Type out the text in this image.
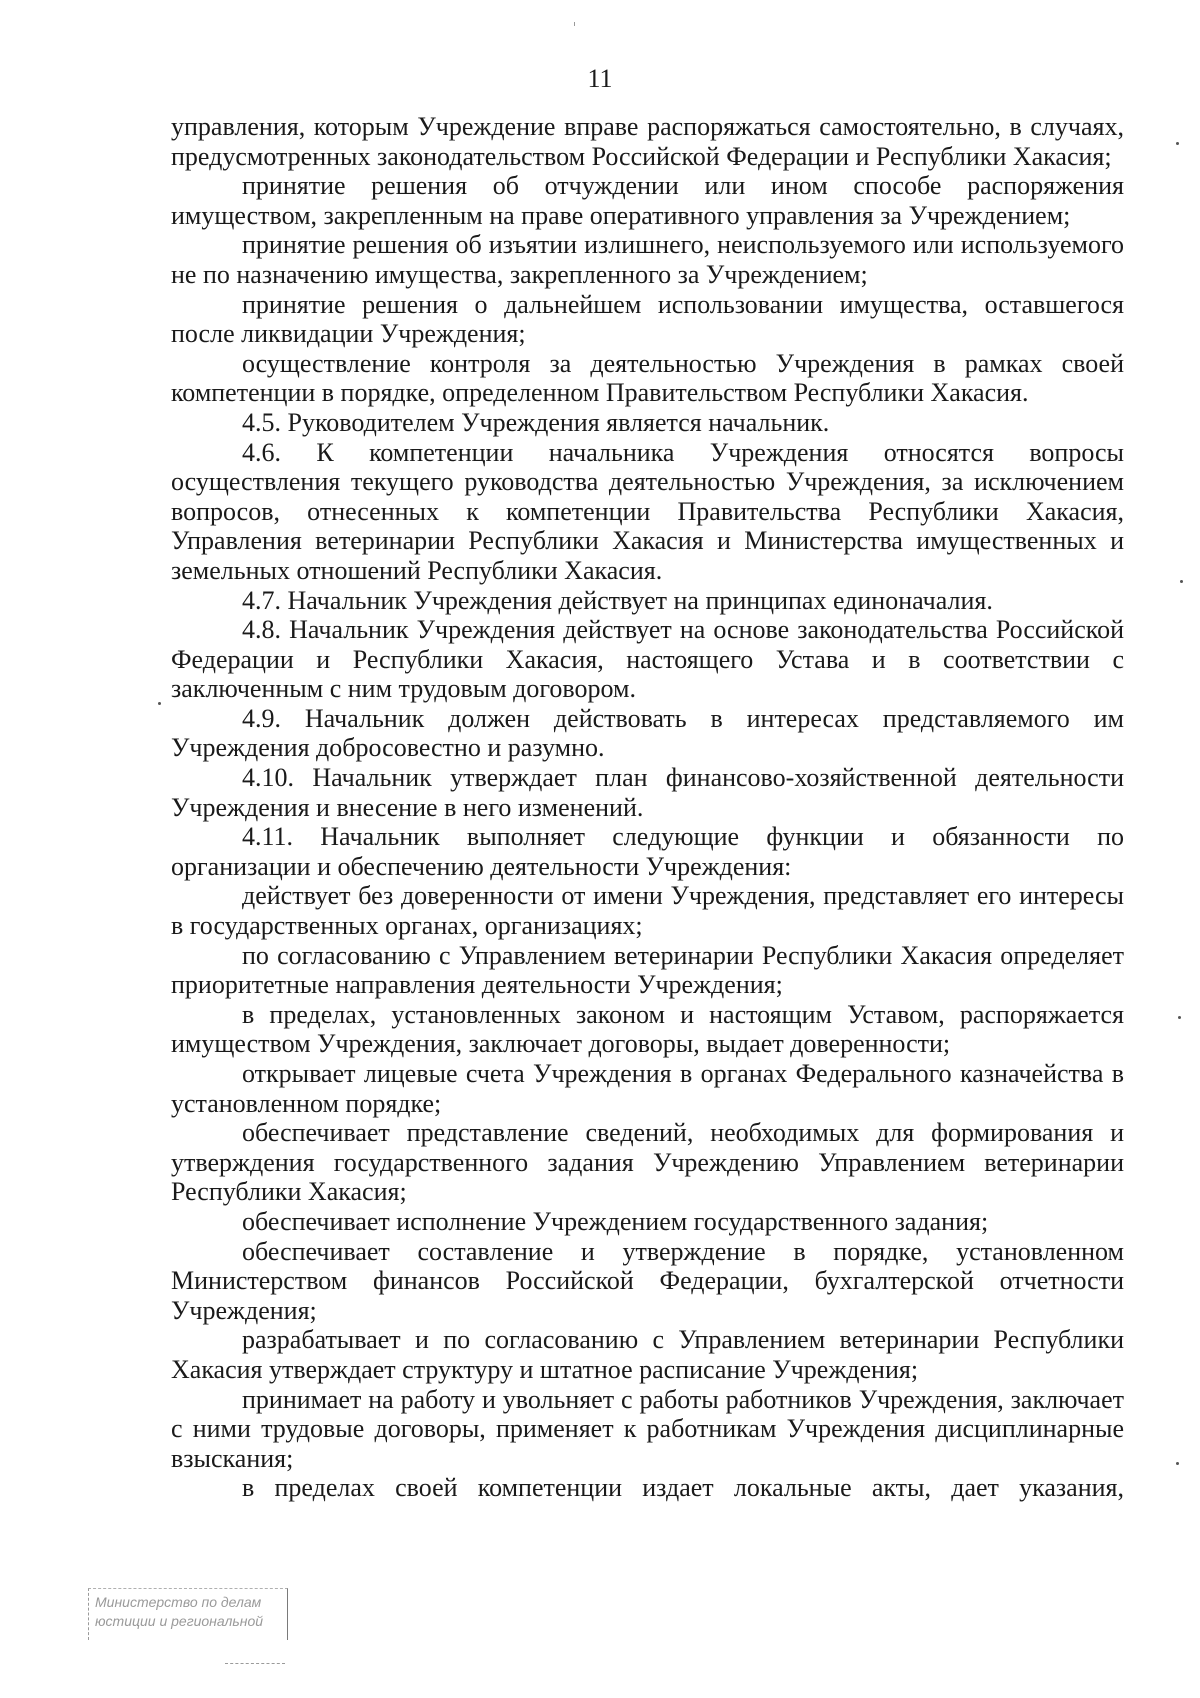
11

управления, которым Учреждение вправе распоряжаться самостоятельно, в случаях, предусмотренных законодательством Российской Федерации и Республики Хакасия;

принятие решения об отчуждении или ином способе распоряжения имуществом, закрепленным на праве оперативного управления за Учреждением;

принятие решения об изъятии излишнего, неиспользуемого или используемого не по назначению имущества, закрепленного за Учреждением;

принятие решения о дальнейшем использовании имущества, оставшегося после ликвидации Учреждения;

осуществление контроля за деятельностью Учреждения в рамках своей компетенции в порядке, определенном Правительством Республики Хакасия.

4.5. Руководителем Учреждения является начальник.

4.6. К компетенции начальника Учреждения относятся вопросы осуществления текущего руководства деятельностью Учреждения, за исключением вопросов, отнесенных к компетенции Правительства Республики Хакасия, Управления ветеринарии Республики Хакасия и Министерства имущественных и земельных отношений Республики Хакасия.

4.7. Начальник Учреждения действует на принципах единоначалия.

4.8. Начальник Учреждения действует на основе законодательства Российской Федерации и Республики Хакасия, настоящего Устава и в соответствии с заключенным с ним трудовым договором.

4.9. Начальник должен действовать в интересах представляемого им Учреждения добросовестно и разумно.

4.10. Начальник утверждает план финансово-хозяйственной деятельности Учреждения и внесение в него изменений.

4.11. Начальник выполняет следующие функции и обязанности по организации и обеспечению деятельности Учреждения:

действует без доверенности от имени Учреждения, представляет его интересы в государственных органах, организациях;

по согласованию с Управлением ветеринарии Республики Хакасия определяет приоритетные направления деятельности Учреждения;

в пределах, установленных законом и настоящим Уставом, распоряжается имуществом Учреждения, заключает договоры, выдает доверенности;

открывает лицевые счета Учреждения в органах Федерального казначейства в установленном порядке;

обеспечивает представление сведений, необходимых для формирования и утверждения государственного задания Учреждению Управлением ветеринарии Республики Хакасия;

обеспечивает исполнение Учреждением государственного задания;

обеспечивает составление и утверждение в порядке, установленном Министерством финансов Российской Федерации, бухгалтерской отчетности Учреждения;

разрабатывает и по согласованию с Управлением ветеринарии Республики Хакасия утверждает структуру и штатное расписание Учреждения;

принимает на работу и увольняет с работы работников Учреждения, заключает с ними трудовые договоры, применяет к работникам Учреждения дисциплинарные взыскания;

в пределах своей компетенции издает локальные акты, дает указания,

Министерство по делам
юстиции и региональной
